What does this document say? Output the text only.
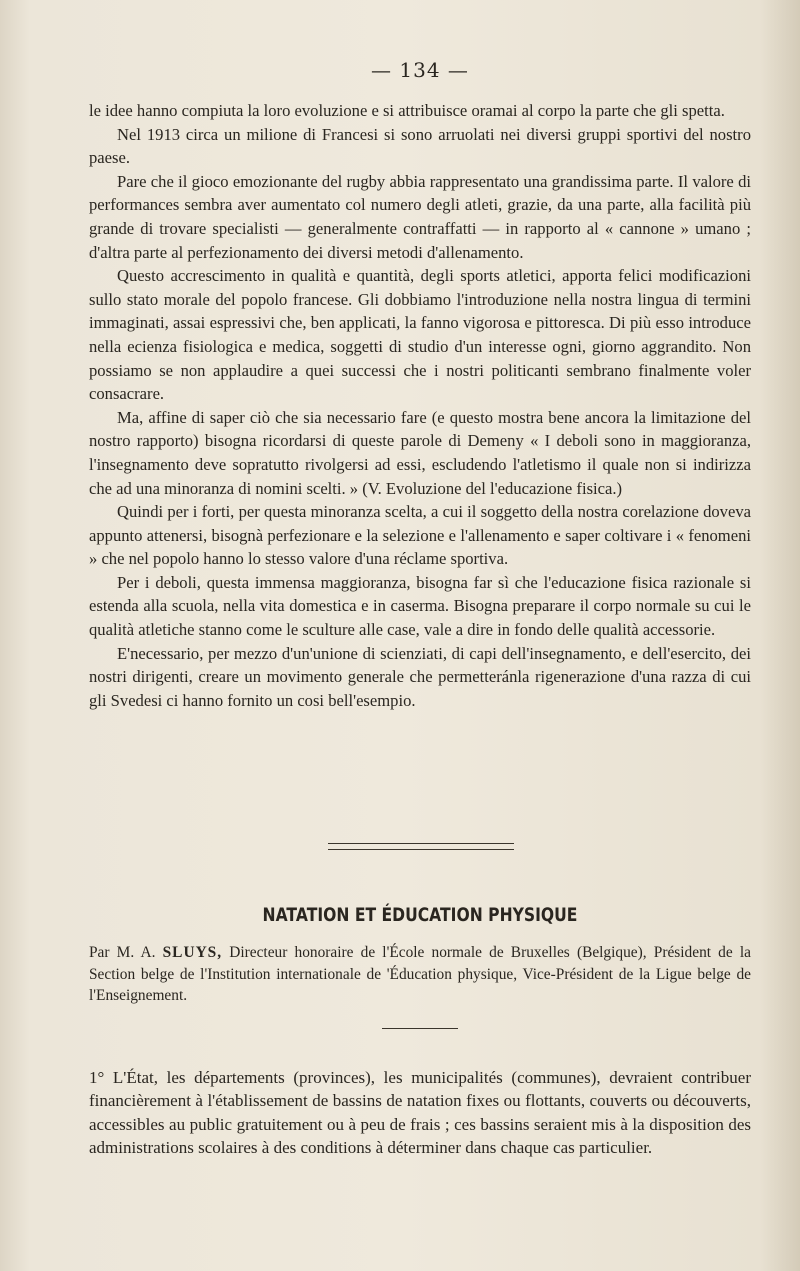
— 134 —

le idee hanno compiuta la loro evoluzione e si attribuisce oramai al corpo la parte che gli spetta.

Nel 1913 circa un milione di Francesi si sono arruolati nei diversi gruppi sportivi del nostro paese.

Pare che il gioco emozionante del rugby abbia rappresentato una grandissima parte. Il valore di performances sembra aver aumentato col numero degli atleti, grazie, da una parte, alla facilità più grande di trovare specialisti — generalmente contraffatti — in rapporto al « cannone » umano ; d'altra parte al perfezionamento dei diversi metodi d'allenamento.

Questo accrescimento in qualità e quantità, degli sports atletici, apporta felici modificazioni sullo stato morale del popolo francese. Gli dobbiamo l'introduzione nella nostra lingua di termini immaginati, assai espressivi che, ben applicati, la fanno vigorosa e pittoresca. Di più esso introduce nella ecienza fisiologica e medica, soggetti di studio d'un interesse ogni, giorno aggrandito. Non possiamo se non applaudire a quei successi che i nostri politicanti sembrano finalmente voler consacrare.

Ma, affine di saper ciò che sia necessario fare (e questo mostra bene ancora la limitazione del nostro rapporto) bisogna ricordarsi di queste parole di Demeny « I deboli sono in maggioranza, l'insegnamento deve sopratutto rivolgersi ad essi, escludendo l'atletismo il quale non si indirizza che ad una minoranza di nomini scelti. » (V. Evoluzione del l'educazione fisica.)

Quindi per i forti, per questa minoranza scelta, a cui il soggetto della nostra corelazione doveva appunto attenersi, bisognà perfezionare e la selezione e l'allenamento e saper coltivare i « fenomeni » che nel popolo hanno lo stesso valore d'una réclame sportiva.

Per i deboli, questa immensa maggioranza, bisogna far sì che l'educazione fisica razionale si estenda alla scuola, nella vita domestica e in caserma. Bisogna preparare il corpo normale su cui le qualità atletiche stanno come le sculture alle case, vale a dire in fondo delle qualità accessorie.

E'necessario, per mezzo d'un'unione di scienziati, di capi dell'insegnamento, e dell'esercito, dei nostri dirigenti, creare un movimento generale che permetteránla rigenerazione d'una razza di cui gli Svedesi ci hanno fornito un cosi bell'esempio.

NATATION ET ÉDUCATION PHYSIQUE
Par M. A. SLUYS, Directeur honoraire de l'École normale de Bruxelles (Belgique), Président de la Section belge de l'Institution internationale de 'Éducation physique, Vice-Président de la Ligue belge de l'Enseignement.

1° L'État, les départements (provinces), les municipalités (communes), devraient contribuer financièrement à l'établissement de bassins de natation fixes ou flottants, couverts ou découverts, accessibles au public gratuitement ou à peu de frais ; ces bassins seraient mis à la disposition des administrations scolaires à des conditions à déterminer dans chaque cas particulier.
